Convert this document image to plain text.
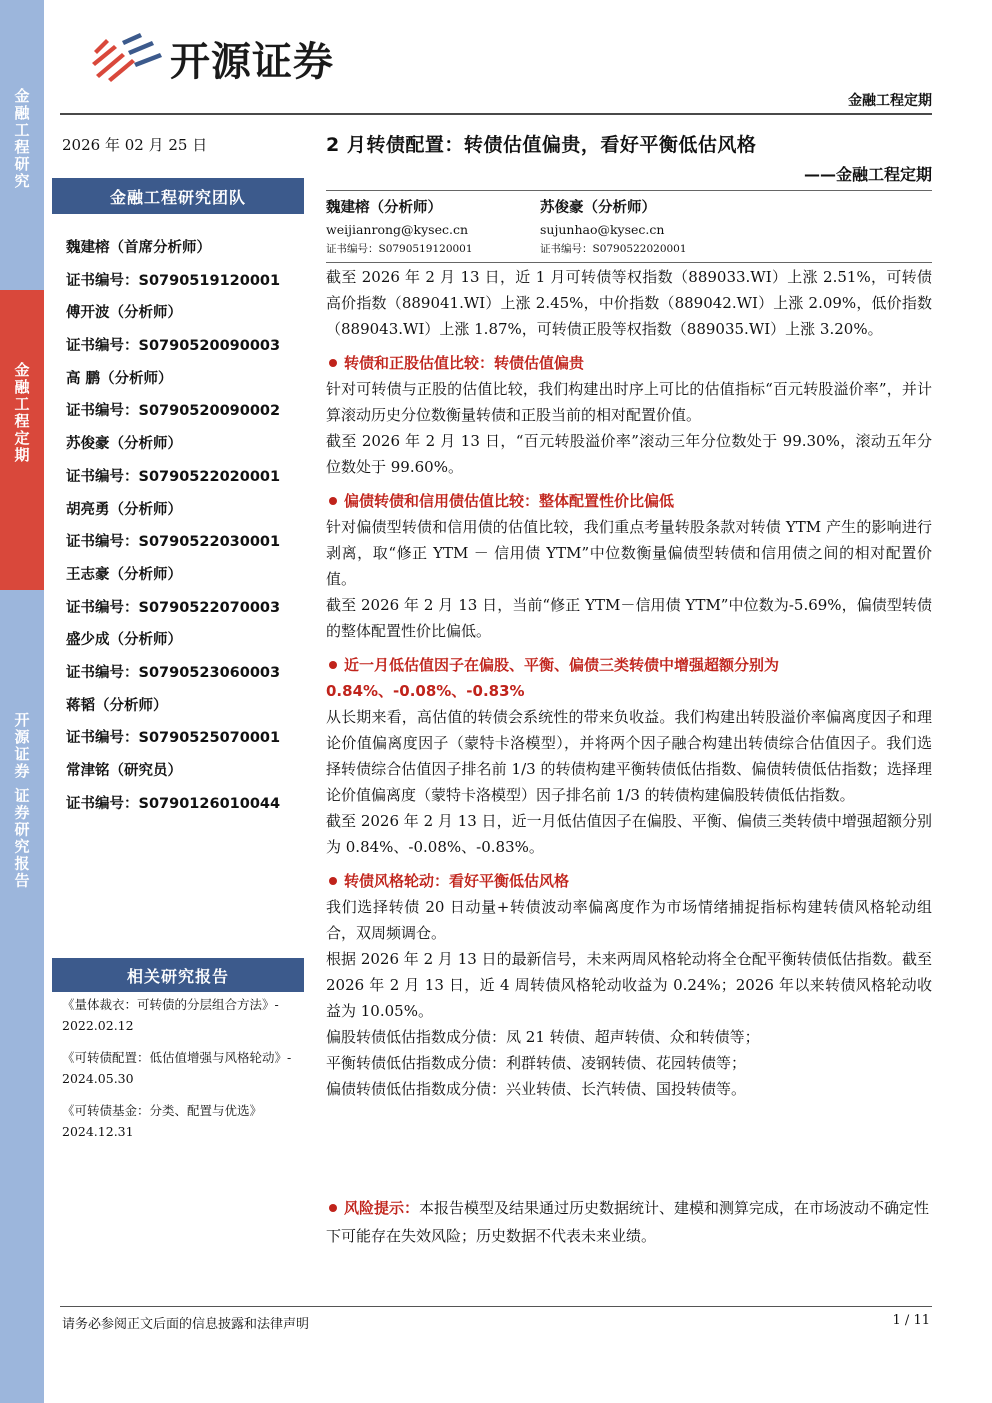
金融工程研究
金融工程定期
开源证券 证券研究报告
开源证券
金融工程定期
2026 年 02 月 25 日	2 月转债配置：转债估值偏贵，看好平衡低估风格
——金融工程定期
金融工程研究团队
魏建榕（首席分析师）
证书编号：S0790519120001
傅开波（分析师）
证书编号：S0790520090003
高 鹏（分析师）
证书编号：S0790520090002
苏俊豪（分析师）
证书编号：S0790522020001
胡亮勇（分析师）
证书编号：S0790522030001
王志豪（分析师）
证书编号：S0790522070003
盛少成（分析师）
证书编号：S0790523060003
蒋韬（分析师）
证书编号：S0790525070001
常津铭（研究员）
证书编号：S0790126010044
相关研究报告
《量体裁衣：可转债的分层组合方法》- 2022.02.12
《可转债配置：低估值增强与风格轮动》- 2024.05.30
《可转债基金：分类、配置与优选》2024.12.31
魏建榕（分析师）
weijianrong@kysec.cn
证书编号：S0790519120001
苏俊豪（分析师）
sujunhao@kysec.cn
证书编号：S0790522020001

截至 2026 年 2 月 13 日，近 1 月可转债等权指数（889033.WI）上涨 2.51%，可转债高价指数（889041.WI）上涨 2.45%，中价指数（889042.WI）上涨 2.09%，低价指数（889043.WI）上涨 1.87%，可转债正股等权指数（889035.WI）上涨 3.20%。

转债和正股估值比较：转债估值偏贵

针对可转债与正股的估值比较，我们构建出时序上可比的估值指标“百元转股溢价率”，并计算滚动历史分位数衡量转债和正股当前的相对配置价值。

截至 2026 年 2 月 13 日，“百元转股溢价率”滚动三年分位数处于 99.30%，滚动五年分位数处于 99.60%。

偏债转债和信用债估值比较：整体配置性价比偏低

针对偏债型转债和信用债的估值比较，我们重点考量转股条款对转债 YTM 产生的影响进行剥离，取“修正 YTM － 信用债 YTM”中位数衡量偏债型转债和信用债之间的相对配置价值。

截至 2026 年 2 月 13 日，当前“修正 YTM－信用债 YTM”中位数为-5.69%，偏债型转债的整体配置性价比偏低。

近一月低估值因子在偏股、平衡、偏债三类转债中增强超额分别为 0.84%、-0.08%、-0.83%

从长期来看，高估值的转债会系统性的带来负收益。我们构建出转股溢价率偏离度因子和理论价值偏离度因子（蒙特卡洛模型），并将两个因子融合构建出转债综合估值因子。我们选择转债综合估值因子排名前 1/3 的转债构建平衡转债低估指数、偏债转债低估指数；选择理论价值偏离度（蒙特卡洛模型）因子排名前 1/3 的转债构建偏股转债低估指数。

截至 2026 年 2 月 13 日，近一月低估值因子在偏股、平衡、偏债三类转债中增强超额分别为 0.84%、-0.08%、-0.83%。

转债风格轮动：看好平衡低估风格

我们选择转债 20 日动量+转债波动率偏离度作为市场情绪捕捉指标构建转债风格轮动组合，双周频调仓。

根据 2026 年 2 月 13 日的最新信号，未来两周风格轮动将全仓配平衡转债低估指数。截至 2026 年 2 月 13 日，近 4 周转债风格轮动收益为 0.24%；2026 年以来转债风格轮动收益为 10.05%。

偏股转债低估指数成分债：凤 21 转债、超声转债、众和转债等；

平衡转债低估指数成分债：利群转债、凌钢转债、花园转债等；

偏债转债低估指数成分债：兴业转债、长汽转债、国投转债等。

风险提示：本报告模型及结果通过历史数据统计、建模和测算完成，在市场波动不确定性下可能存在失效风险；历史数据不代表未来业绩。
请务必参阅正文后面的信息披露和法律声明	1 / 11
